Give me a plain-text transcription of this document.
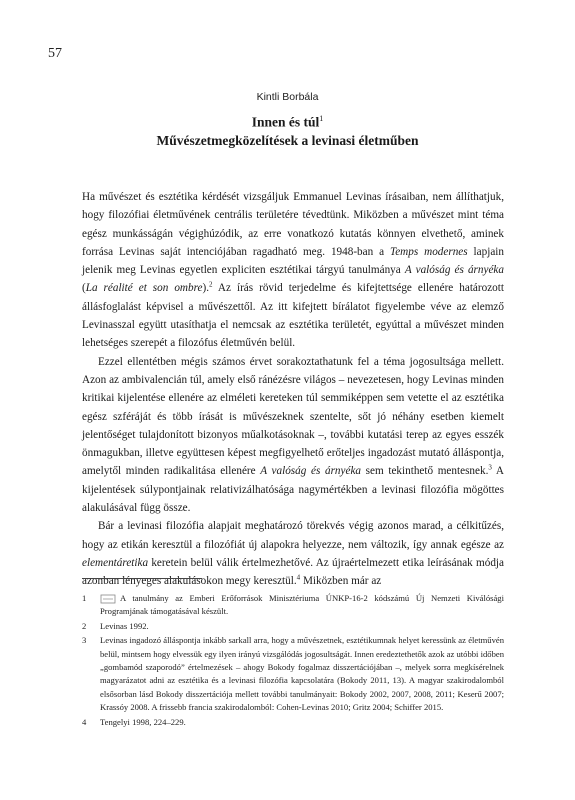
57
Kintli Borbála
Innen és túl$^1$
Művészetmegközelítések a levinasi életműben

Ha művészet és esztétika kérdését vizsgáljuk Emmanuel Levinas írásaiban, nem állíthatjuk, hogy filozófiai életművének centrális területére tévedtünk. Miközben a művészet mint téma egész munkásságán végighúzódik, az erre vonatkozó kutatás könnyen elvethető, aminek forrása Levinas saját intenciójában ragadható meg. 1948-ban a Temps modernes lapjain jelenik meg Levinas egyetlen expliciten esztétikai tárgyú tanulmánya A valóság és árnyéka (La réalité et son ombre).$^2$ Az írás rövid terjedelme és kifejtettsége ellenére határozott állásfoglalást képvisel a művészettől. Az itt kifejtett bírálatot figyelembe véve az elemző Levinasszal együtt utasíthatja el nemcsak az esztétika területét, egyúttal a művészet minden lehetséges szerepét a filozófus életművén belül.

Ezzel ellentétben mégis számos érvet sorakoztathatunk fel a téma jogosultsága mellett. Azon az ambivalencián túl, amely első ránézésre világos – nevezetesen, hogy Levinas minden kritikai kijelentése ellenére az elméleti kereteken túl semmiképpen sem vetette el az esztétika egész szféráját és több írását is művészeknek szentelte, sőt jó néhány esetben kiemelt jelentőséget tulajdonított bizonyos műalkotásoknak –, további kutatási terep az egyes esszék önmagukban, illetve együttesen képest megfigyelhető erőteljes ingadozást mutató álláspontja, amelytől minden radikalitása ellenére A valóság és árnyéka sem tekinthető mentesnek.$^3$ A kijelentések súlypontjainak relativizálhatósága nagymértékben a levinasi filozófia mögöttes alakulásával függ össze.

Bár a levinasi filozófia alapjait meghatározó törekvés végig azonos marad, a célkitűzés, hogy az etikán keresztül a filozófiát új alapokra helyezze, nem változik, így annak egésze az elementáretika keretein belül válik értelmezhetővé. Az újraértelmezett etika leírásának módja azonban lényeges alakulásokon megy keresztül.$^4$ Miközben már az

1	A tanulmány az Emberi Erőforrások Minisztériuma ÚNKP-16-2 kódszámú Új Nemzeti Kiválósági Programjának támogatásával készült.
2	Levinas 1992.
3	Levinas ingadozó álláspontja inkább sarkall arra, hogy a művészetnek, esztétikumnak helyet keressünk az életművén belül, mintsem hogy elvessük egy ilyen irányú vizsgálódás jogosultságát. Innen eredeztethetők azok az utóbbi időben „gombamód szaporodó” értelmezések – ahogy Bokody fogalmaz disszertációjában –, melyek sorra megkísérelnek magyarázatot adni az esztétika és a levinasi filozófia kapcsolatára (Bokody 2011, 13). A magyar szakirodalomból elsősorban lásd Bokody disszertációja mellett további tanulmányait: Bokody 2002, 2007, 2008, 2011; Keserű 2007; Krassóy 2008. A frissebb francia szakirodalomból: Cohen-Levinas 2010; Gritz 2004; Schiffer 2015.
4	Tengelyi 1998, 224–229.
